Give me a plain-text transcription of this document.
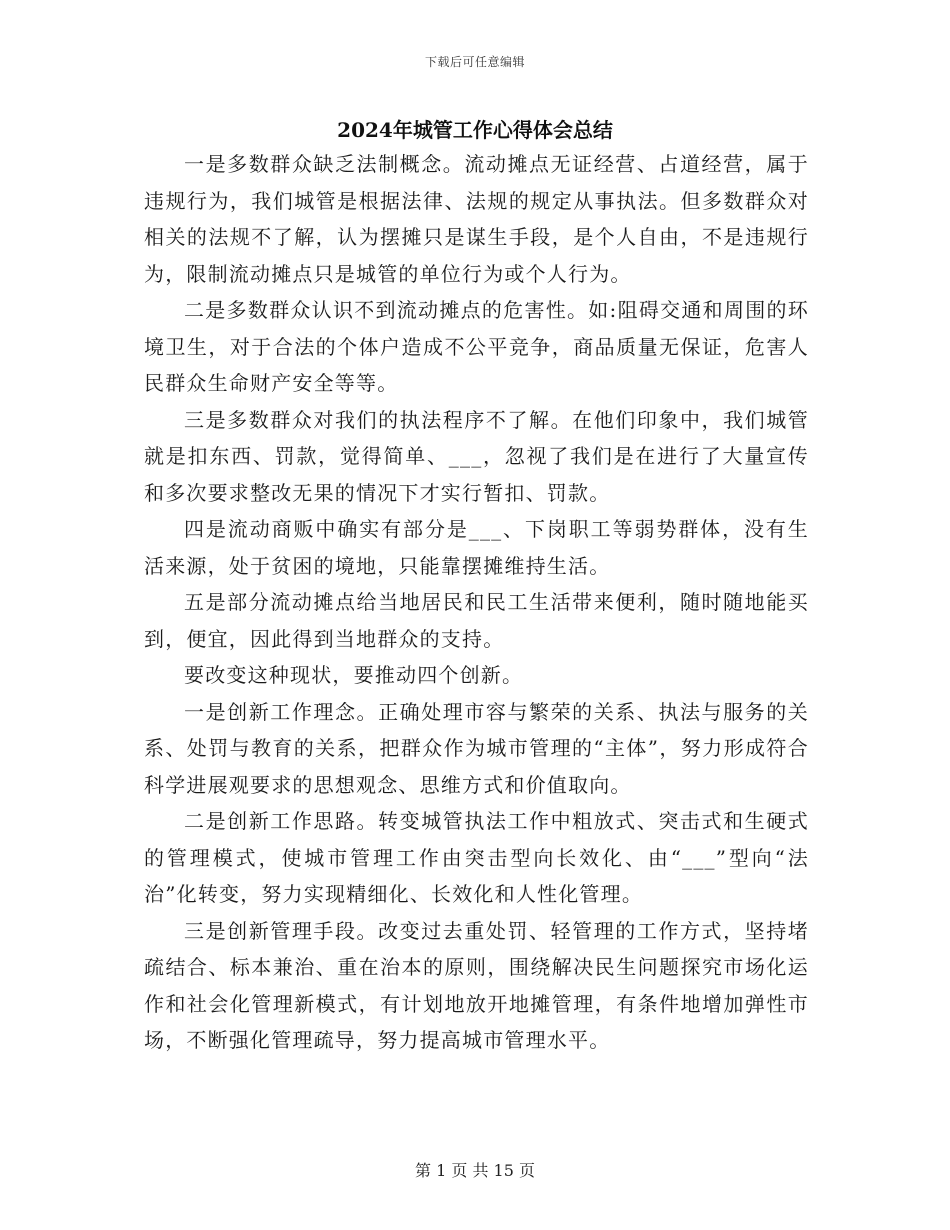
下载后可任意编辑
2024年城管工作心得体会总结

一是多数群众缺乏法制概念。流动摊点无证经营、占道经营，属于违规行为，我们城管是根据法律、法规的规定从事执法。但多数群众对相关的法规不了解，认为摆摊只是谋生手段，是个人自由，不是违规行为，限制流动摊点只是城管的单位行为或个人行为。

二是多数群众认识不到流动摊点的危害性。如:阻碍交通和周围的环境卫生，对于合法的个体户造成不公平竞争，商品质量无保证，危害人民群众生命财产安全等等。

三是多数群众对我们的执法程序不了解。在他们印象中，我们城管就是扣东西、罚款，觉得简单、___，忽视了我们是在进行了大量宣传和多次要求整改无果的情况下才实行暂扣、罚款。

四是流动商贩中确实有部分是___、下岗职工等弱势群体，没有生活来源，处于贫困的境地，只能靠摆摊维持生活。

五是部分流动摊点给当地居民和民工生活带来便利，随时随地能买到，便宜，因此得到当地群众的支持。

要改变这种现状，要推动四个创新。

一是创新工作理念。正确处理市容与繁荣的关系、执法与服务的关系、处罚与教育的关系，把群众作为城市管理的“主体”，努力形成符合科学进展观要求的思想观念、思维方式和价值取向。

二是创新工作思路。转变城管执法工作中粗放式、突击式和生硬式的管理模式，使城市管理工作由突击型向长效化、由“___”型向“法治”化转变，努力实现精细化、长效化和人性化管理。

三是创新管理手段。改变过去重处罚、轻管理的工作方式，坚持堵疏结合、标本兼治、重在治本的原则，围绕解决民生问题探究市场化运作和社会化管理新模式，有计划地放开地摊管理，有条件地增加弹性市场，不断强化管理疏导，努力提高城市管理水平。

第 1 页 共 15 页
